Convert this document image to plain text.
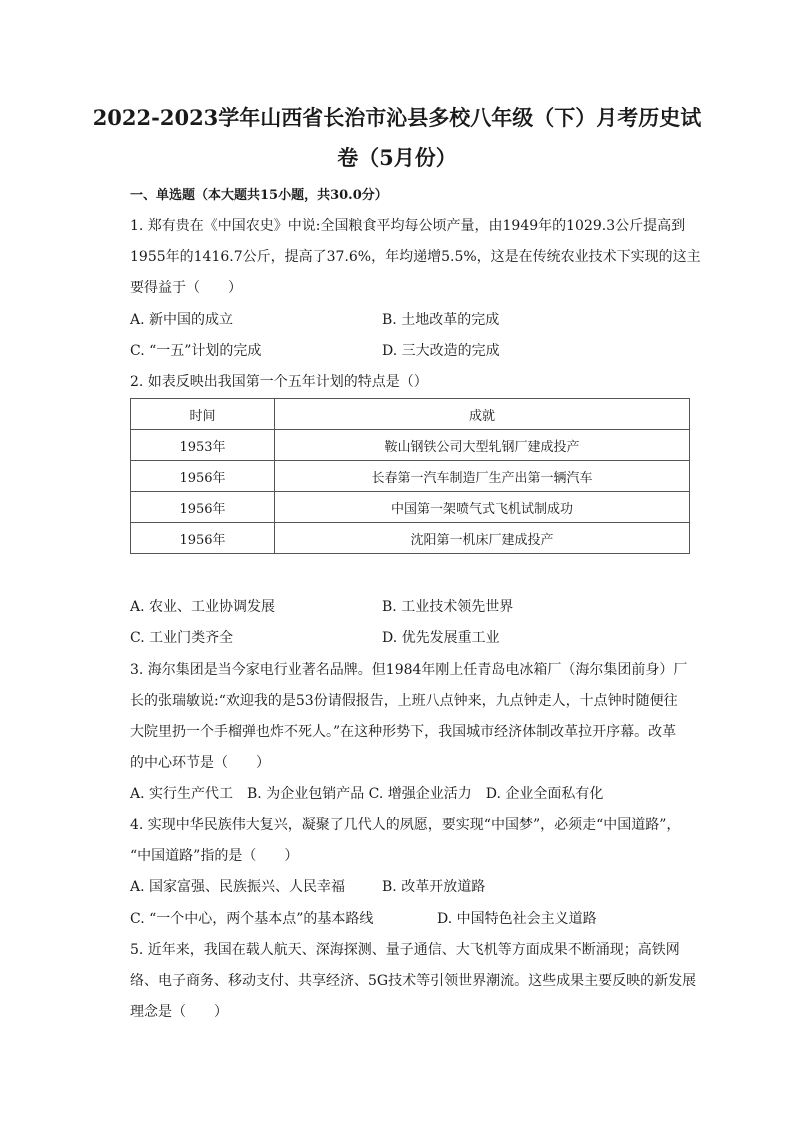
2022-2023学年山西省长治市沁县多校八年级（下）月考历史试
卷（5月份）
一、单选题（本大题共15小题，共30.0分）
1. 郑有贵在《中国农史》中说:全国粮食平均每公顷产量，由1949年的1029.3公斤提高到
1955年的1416.7公斤，提高了37.6%，年均递增5.5%，这是在传统农业技术下实现的这主
要得益于（　　）
A. 新中国的成立	B. 土地改革的完成
C. “一五”计划的完成	D. 三大改造的完成
2. 如表反映出我国第一个五年计划的特点是（）
时间	成就
1953年	鞍山钢铁公司大型轧钢厂建成投产
1956年	长春第一汽车制造厂生产出第一辆汽车
1956年	中国第一架喷气式飞机试制成功
1956年	沈阳第一机床厂建成投产
A. 农业、工业协调发展	B. 工业技术领先世界
C. 工业门类齐全	D. 优先发展重工业
3. 海尔集团是当今家电行业著名品牌。但1984年刚上任青岛电冰箱厂（海尔集团前身）厂
长的张瑞敏说:“欢迎我的是53份请假报告，上班八点钟来，九点钟走人，十点钟时随便往
大院里扔一个手榴弹也炸不死人。”在这种形势下，我国城市经济体制改革拉开序幕。改革
的中心环节是（　　）
A. 实行生产代工　B. 为企业包销产品 C. 增强企业活力　D. 企业全面私有化
4. 实现中华民族伟大复兴，凝聚了几代人的夙愿，要实现“中国梦”，必须走“中国道路”，
“中国道路”指的是（　　）
A. 国家富强、民族振兴、人民幸福	B. 改革开放道路
C. “一个中心，两个基本点”的基本路线	D. 中国特色社会主义道路
5. 近年来，我国在载人航天、深海探测、量子通信、大飞机等方面成果不断涌现；高铁网
络、电子商务、移动支付、共享经济、5G技术等引领世界潮流。这些成果主要反映的新发展
理念是（　　）
